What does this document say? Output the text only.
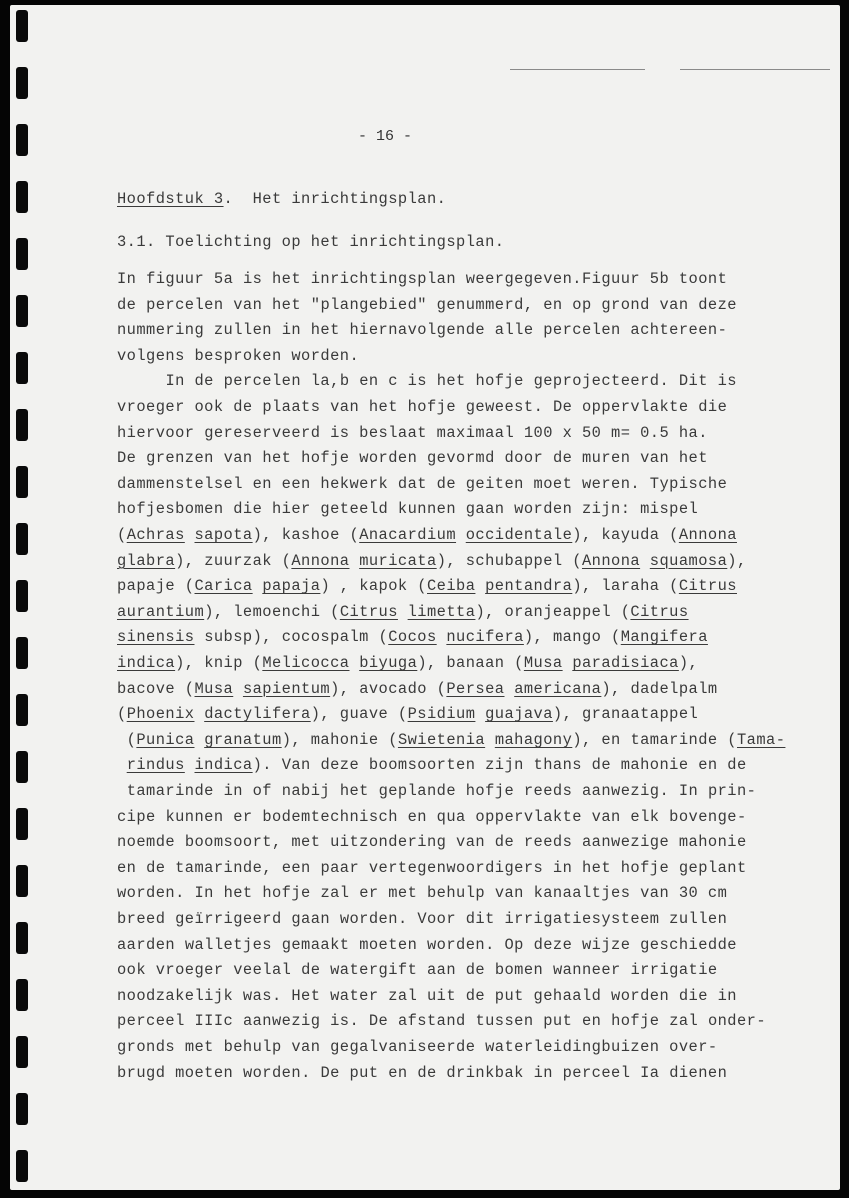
- 16 -
Hoofdstuk 3.  Het inrichtingsplan.
3.1. Toelichting op het inrichtingsplan.
In figuur 5a is het inrichtingsplan weergegeven.Figuur 5b toont
de percelen van het "plangebied" genummerd, en op grond van deze
nummering zullen in het hiernavolgende alle percelen achtereen-
volgens besproken worden.
In de percelen la,b en c is het hofje geprojecteerd. Dit is
vroeger ook de plaats van het hofje geweest. De oppervlakte die
hiervoor gereserveerd is beslaat maximaal 100 x 50 m= 0.5 ha.
De grenzen van het hofje worden gevormd door de muren van het
dammenstelsel en een hekwerk dat de geiten moet weren. Typische
hofjesbomen die hier geteeld kunnen gaan worden zijn: mispel
(Achras sapota), kashoe (Anacardium occidentale), kayuda (Annona
glabra), zuurzak (Annona muricata), schubappel (Annona squamosa),
papaje (Carica papaja) , kapok (Ceiba pentandra), laraha (Citrus
aurantium), lemoenchi (Citrus limetta), oranjeappel (Citrus
sinensis subsp), cocospalm (Cocos nucifera), mango (Mangifera
indica), knip (Melicocca biyuga), banaan (Musa paradisiaca),
bacove (Musa sapientum), avocado (Persea americana), dadelpalm
(Phoenix dactylifera), guave (Psidium guajava), granaatappel
(Punica granatum), mahonie (Swietenia mahagony), en tamarinde (Tama-
rindus indica). Van deze boomsoorten zijn thans de mahonie en de
tamarinde in of nabij het geplande hofje reeds aanwezig. In prin-
cipe kunnen er bodemtechnisch en qua oppervlakte van elk bovenge-
noemde boomsoort, met uitzondering van de reeds aanwezige mahonie
en de tamarinde, een paar vertegenwoordigers in het hofje geplant
worden. In het hofje zal er met behulp van kanaaltjes van 30 cm
breed geïrrigeerd gaan worden. Voor dit irrigatiesysteem zullen
aarden walletjes gemaakt moeten worden. Op deze wijze geschiedde
ook vroeger veelal de watergift aan de bomen wanneer irrigatie
noodzakelijk was. Het water zal uit de put gehaald worden die in
perceel IIIc aanwezig is. De afstand tussen put en hofje zal onder-
gronds met behulp van gegalvaniseerde waterleidingbuizen over-
brugd moeten worden. De put en de drinkbak in perceel Ia dienen
